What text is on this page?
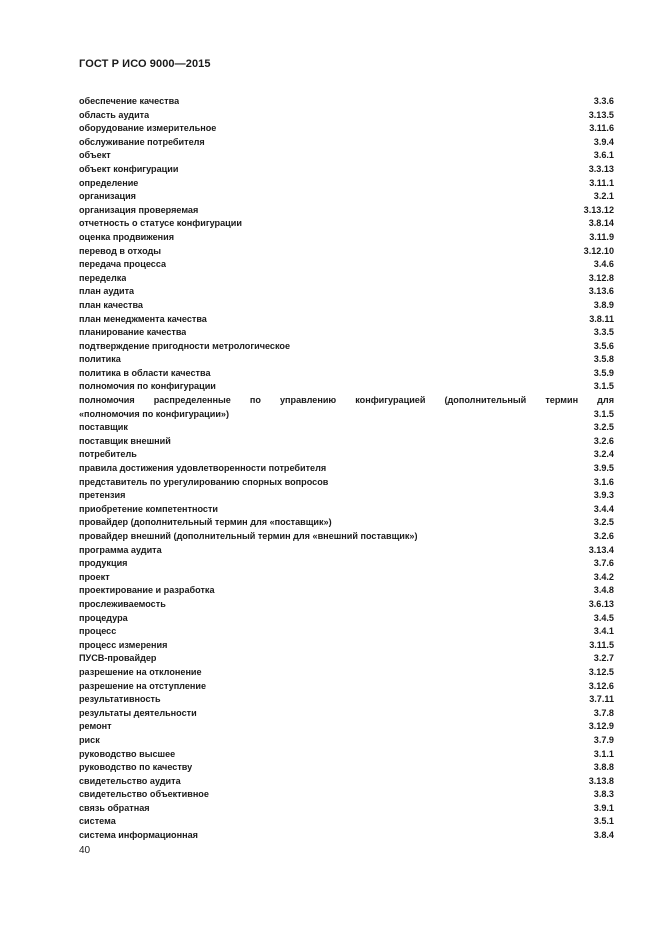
ГОСТ Р ИСО 9000—2015
обеспечение качества	3.3.6
область аудита	3.13.5
оборудование измерительное	3.11.6
обслуживание потребителя	3.9.4
объект	3.6.1
объект конфигурации	3.3.13
определение	3.11.1
организация	3.2.1
организация проверяемая	3.13.12
отчетность о статусе конфигурации	3.8.14
оценка продвижения	3.11.9
перевод в отходы	3.12.10
передача процесса	3.4.6
переделка	3.12.8
план аудита	3.13.6
план качества	3.8.9
план менеджмента качества	3.8.11
планирование качества	3.3.5
подтверждение пригодности метрологическое	3.5.6
политика	3.5.8
политика в области качества	3.5.9
полномочия по конфигурации	3.1.5
полномочия распределенные по управлению конфигурацией (дополнительный термин для
«полномочия по конфигурации»)	3.1.5
поставщик	3.2.5
поставщик внешний	3.2.6
потребитель	3.2.4
правила достижения удовлетворенности потребителя	3.9.5
представитель по урегулированию спорных вопросов	3.1.6
претензия	3.9.3
приобретение компетентности	3.4.4
провайдер (дополнительный термин для «поставщик»)	3.2.5
провайдер внешний (дополнительный термин для «внешний поставщик»)	3.2.6
программа аудита	3.13.4
продукция	3.7.6
проект	3.4.2
проектирование и разработка	3.4.8
прослеживаемость	3.6.13
процедура	3.4.5
процесс	3.4.1
процесс измерения	3.11.5
ПУСВ-провайдер	3.2.7
разрешение на отклонение	3.12.5
разрешение на отступление	3.12.6
результативность	3.7.11
результаты деятельности	3.7.8
ремонт	3.12.9
риск	3.7.9
руководство высшее	3.1.1
руководство по качеству	3.8.8
свидетельство аудита	3.13.8
свидетельство объективное	3.8.3
связь обратная	3.9.1
система	3.5.1
система информационная	3.8.4
40
